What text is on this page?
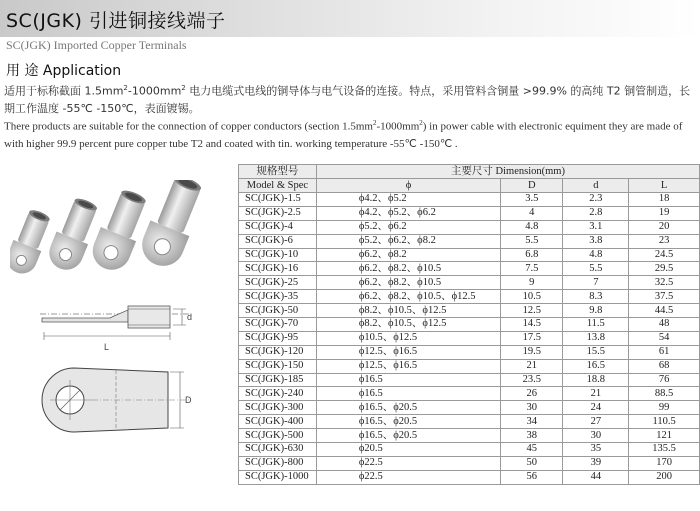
SC(JGK) 引进铜接线端子
SC(JGK) Imported Copper Terminals
用 途 Application
适用于标称截面 $1.5mm^2-1000mm^2$ 电力电缆式电线的铜导体与电气设备的连接。特点，采用管料含铜量 >99.9% 的高纯 T2 铜管制造，长期工作温度 -55℃ -150℃，表面镀锡。
There products are suitable for the connection of copper conductors (section $1.5mm^2-1000mm^2$) in power cable with electronic equiment they are made of with higher 99.9 percent pure copper tube T2 and coated with tin. working temperature -55℃ -150℃ .
L
d
D
规格型号	主要尺寸 Dimension(mm)			
Model & Spec	ϕ	D	d	L
SC(JGK)-1.5	ϕ4.2、ϕ5.2	3.5	2.3	18
SC(JGK)-2.5	ϕ4.2、ϕ5.2、ϕ6.2	4	2.8	19
SC(JGK)-4	ϕ5.2、ϕ6.2	4.8	3.1	20
SC(JGK)-6	ϕ5.2、ϕ6.2、ϕ8.2	5.5	3.8	23
SC(JGK)-10	ϕ6.2、ϕ8.2	6.8	4.8	24.5
SC(JGK)-16	ϕ6.2、ϕ8.2、ϕ10.5	7.5	5.5	29.5
SC(JGK)-25	ϕ6.2、ϕ8.2、ϕ10.5	9	7	32.5
SC(JGK)-35	ϕ6.2、ϕ8.2、ϕ10.5、ϕ12.5	10.5	8.3	37.5
SC(JGK)-50	ϕ8.2、ϕ10.5、ϕ12.5	12.5	9.8	44.5
SC(JGK)-70	ϕ8.2、ϕ10.5、ϕ12.5	14.5	11.5	48
SC(JGK)-95	ϕ10.5、ϕ12.5	17.5	13.8	54
SC(JGK)-120	ϕ12.5、ϕ16.5	19.5	15.5	61
SC(JGK)-150	ϕ12.5、ϕ16.5	21	16.5	68
SC(JGK)-185	ϕ16.5	23.5	18.8	76
SC(JGK)-240	ϕ16.5	26	21	88.5
SC(JGK)-300	ϕ16.5、ϕ20.5	30	24	99
SC(JGK)-400	ϕ16.5、ϕ20.5	34	27	110.5
SC(JGK)-500	ϕ16.5、ϕ20.5	38	30	121
SC(JGK)-630	ϕ20.5	45	35	135.5
SC(JGK)-800	ϕ22.5	50	39	170
SC(JGK)-1000	ϕ22.5	56	44	200
